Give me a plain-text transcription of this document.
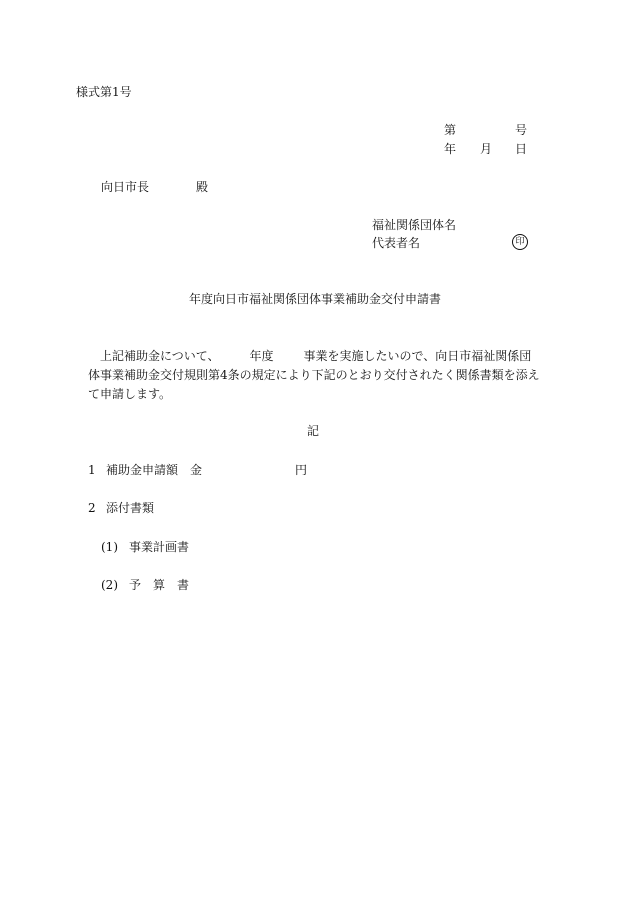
様式第1号
第	号
年 月 日
向日市長	殿
福祉関係団体名
代表者名	印
年度向日市福祉関係団体事業補助金交付申請書
上記補助金について、	年度	事業を実施したいので、向日市福祉関係団体事業補助金交付規則第4条の規定により下記のとおり交付されたく関係書類を添えて申請します。
記
1 補助金申請額　金	円
2 添付書類
(1) 事業計画書
(2) 予　算　書
